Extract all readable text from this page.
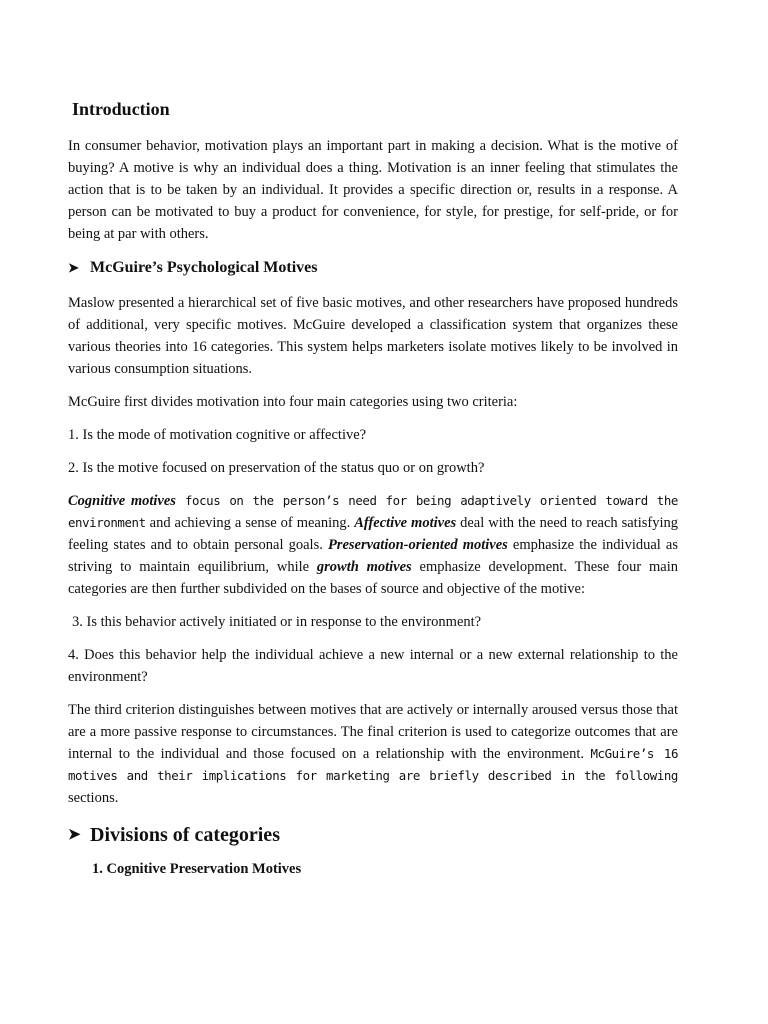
Introduction

In consumer behavior, motivation plays an important part in making a decision. What is the motive of buying? A motive is why an individual does a thing. Motivation is an inner feeling that stimulates the action that is to be taken by an individual. It provides a specific direction or, results in a response. A person can be motivated to buy a product for convenience, for style, for prestige, for self-pride, or for being at par with others.

➤ McGuire’s Psychological Motives

Maslow presented a hierarchical set of five basic motives, and other researchers have proposed hundreds of additional, very specific motives. McGuire developed a classification system that organizes these various theories into 16 categories. This system helps marketers isolate motives likely to be involved in various consumption situations.

McGuire first divides motivation into four main categories using two criteria:

1. Is the mode of motivation cognitive or affective?

2. Is the motive focused on preservation of the status quo or on growth?

Cognitive motives focus on the person’s need for being adaptively oriented toward the environment and achieving a sense of meaning. Affective motives deal with the need to reach satisfying feeling states and to obtain personal goals. Preservation-oriented motives emphasize the individual as striving to maintain equilibrium, while growth motives emphasize development. These four main categories are then further subdivided on the bases of source and objective of the motive:

3. Is this behavior actively initiated or in response to the environment?

4. Does this behavior help the individual achieve a new internal or a new external relationship to the environment?

The third criterion distinguishes between motives that are actively or internally aroused versus those that are a more passive response to circumstances. The final criterion is used to categorize outcomes that are internal to the individual and those focused on a relationship with the environment. McGuire’s 16 motives and their implications for marketing are briefly described in the following sections.

➤ Divisions of categories
1. Cognitive Preservation Motives
